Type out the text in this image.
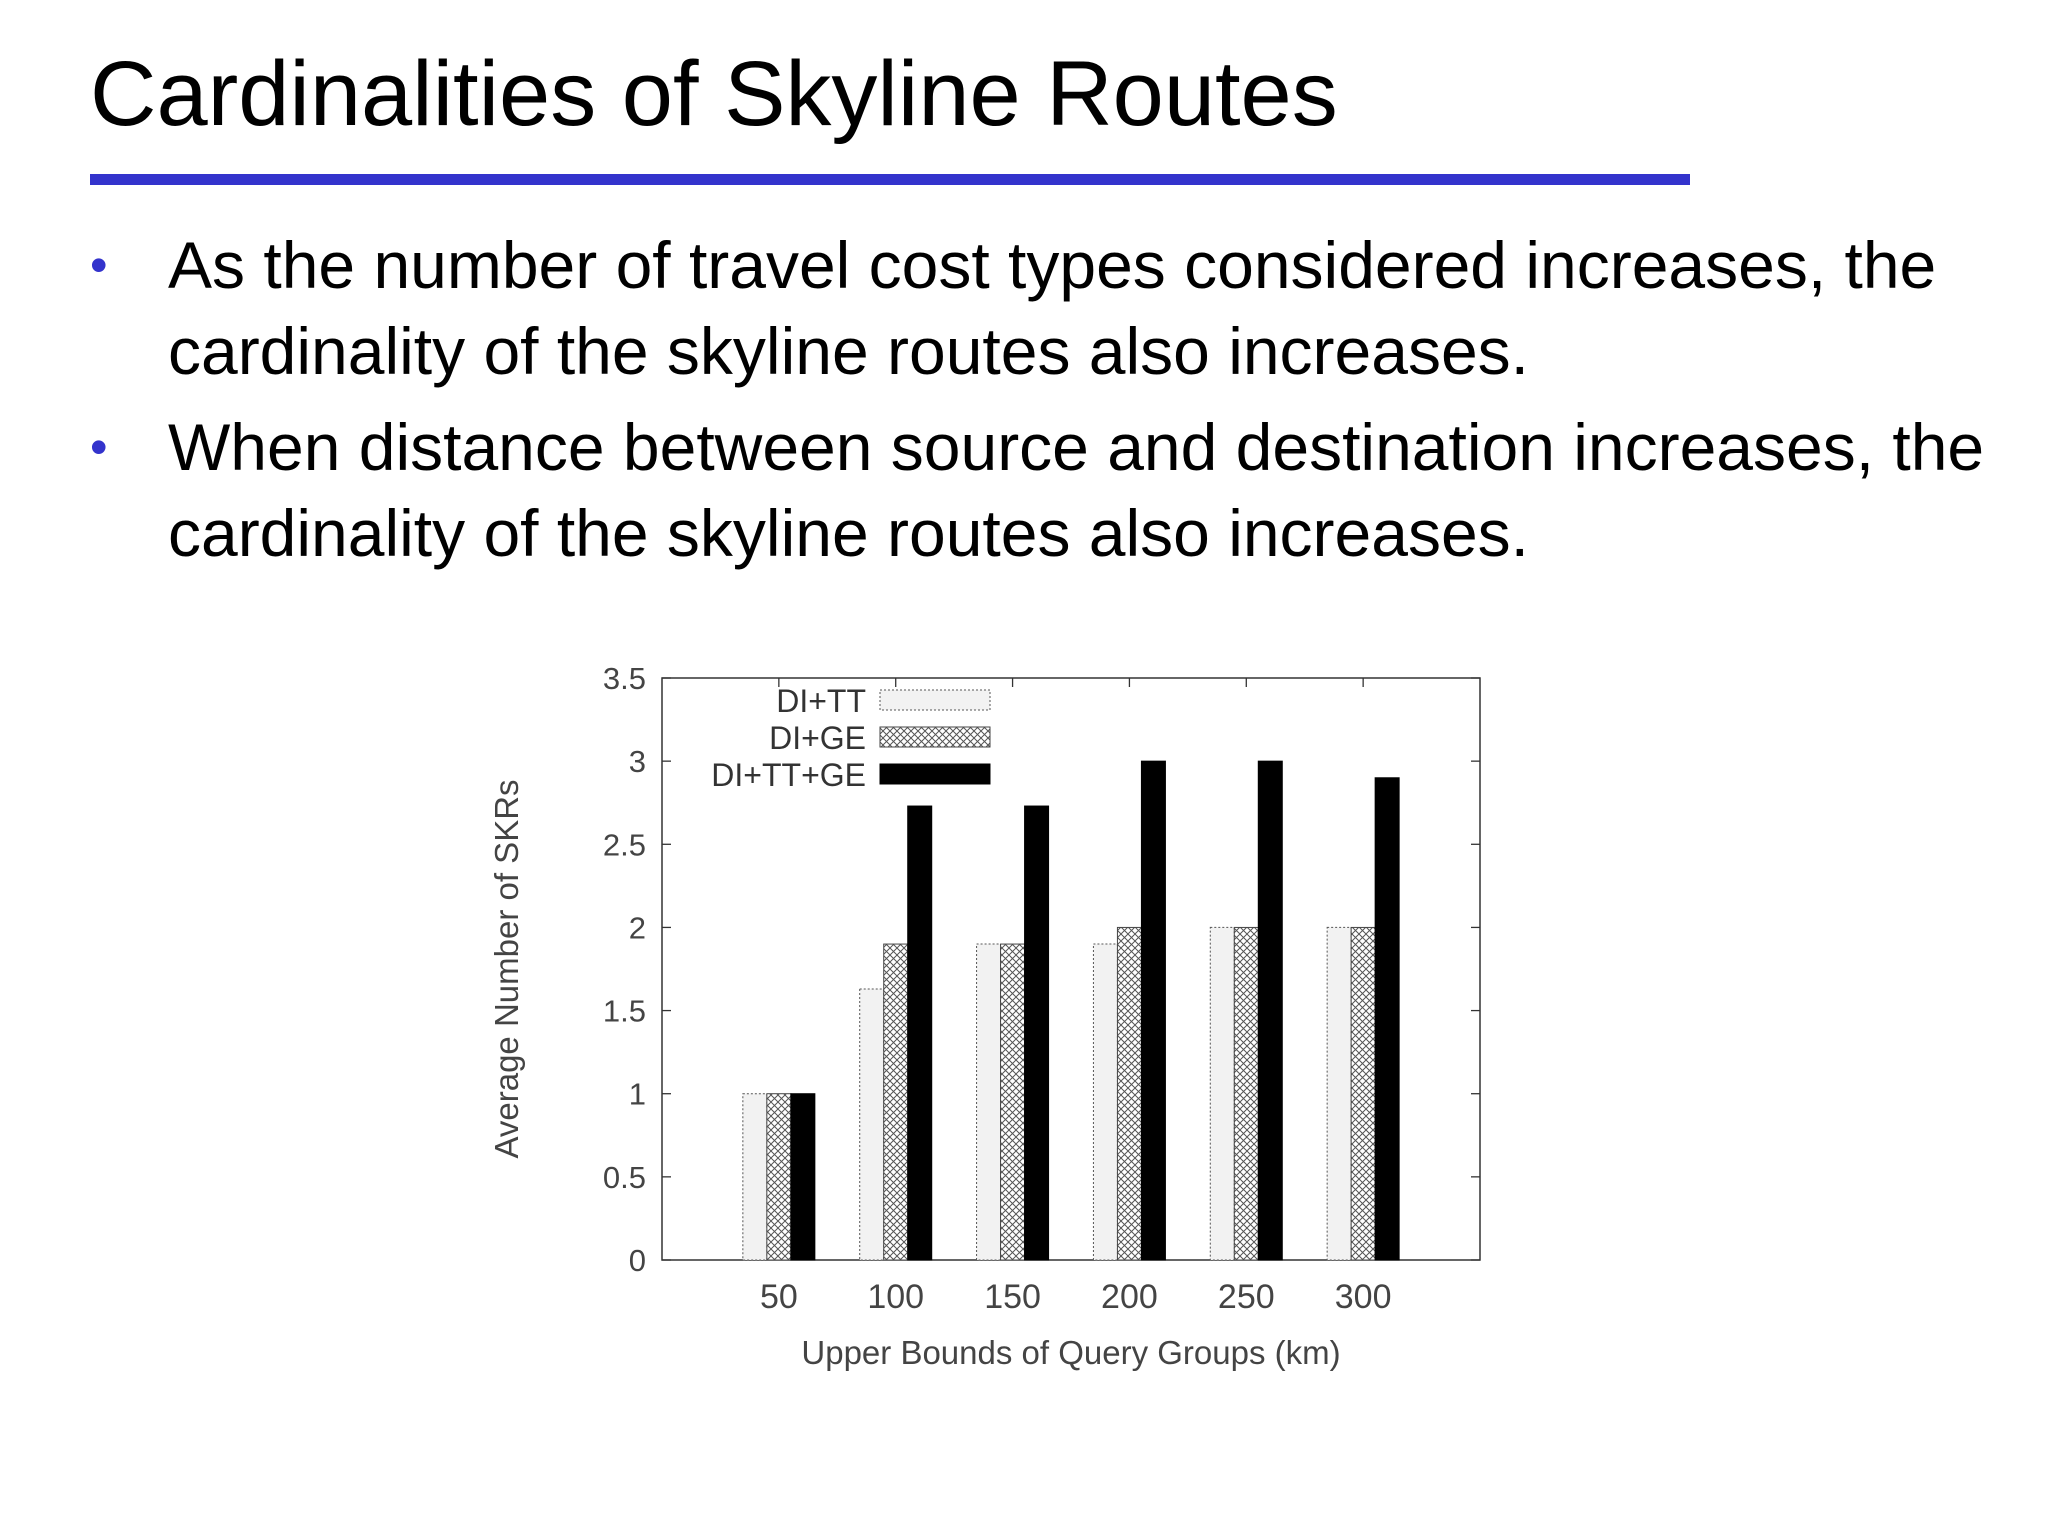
Cardinalities of Skyline Routes
• As the number of travel cost types considered increases, the cardinality of the skyline routes also increases.
• When distance between source and destination increases, the cardinality of the skyline routes also increases.
0
0.5
1
1.5
2
2.5
3
3.5
50 100 150 200 250 300
Upper Bounds of Query Groups (km)
Average Number of SKRs
DI+TT
DI+GE
DI+TT+GE
